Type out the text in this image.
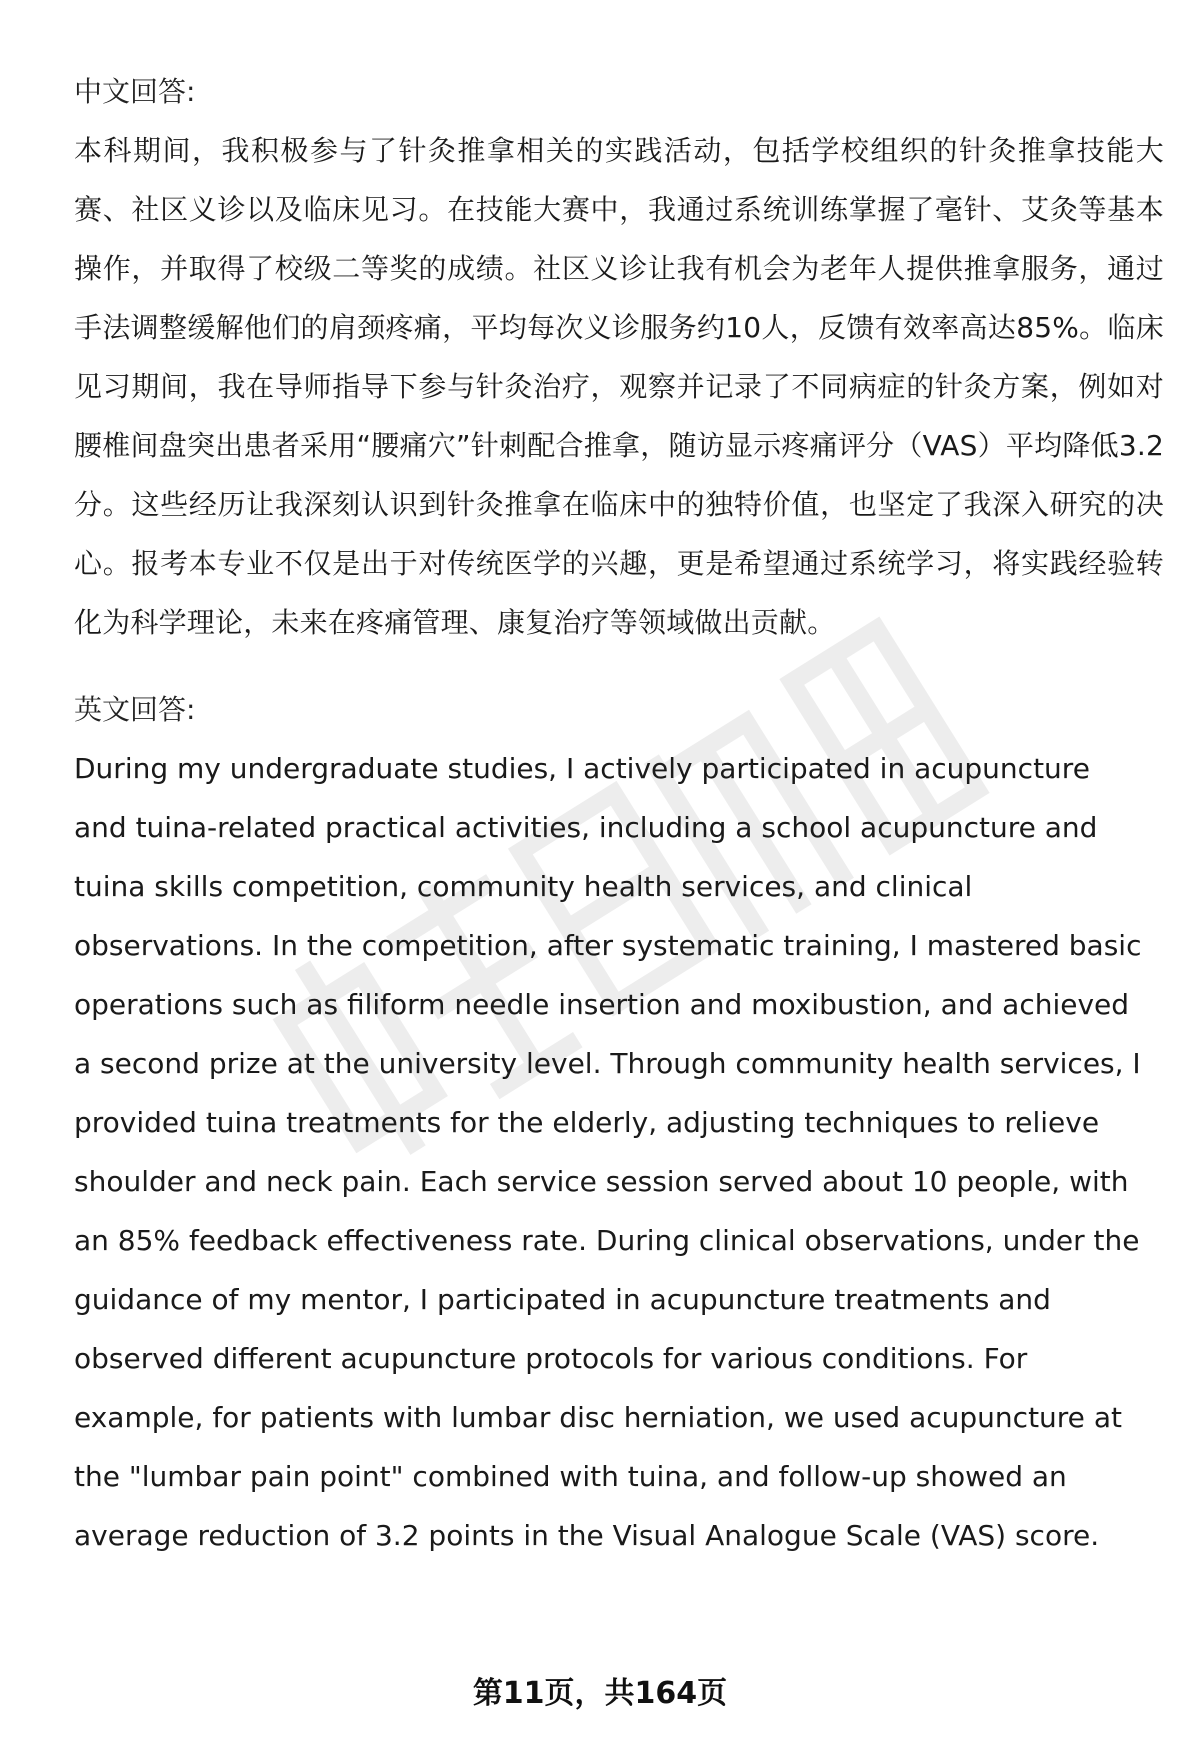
中文回答:

本科期间，我积极参与了针灸推拿相关的实践活动，包括学校组织的针灸推拿技能大赛、社区义诊以及临床见习。在技能大赛中，我通过系统训练掌握了毫针、艾灸等基本操作，并取得了校级二等奖的成绩。社区义诊让我有机会为老年人提供推拿服务，通过手法调整缓解他们的肩颈疼痛，平均每次义诊服务约10人，反馈有效率高达85%。临床见习期间，我在导师指导下参与针灸治疗，观察并记录了不同病症的针灸方案，例如对腰椎间盘突出患者采用“腰痛穴”针刺配合推拿，随访显示疼痛评分（VAS）平均降低3.2分。这些经历让我深刻认识到针灸推拿在临床中的独特价值，也坚定了我深入研究的决心。报考本专业不仅是出于对传统医学的兴趣，更是希望通过系统学习，将实践经验转化为科学理论，未来在疼痛管理、康复治疗等领域做出贡献。

英文回答:

During my undergraduate studies, I actively participated in acupuncture
and tuina-related practical activities, including a school acupuncture and
tuina skills competition, community health services, and clinical
observations. In the competition, after systematic training, I mastered basic
operations such as filiform needle insertion and moxibustion, and achieved
a second prize at the university level. Through community health services, I
provided tuina treatments for the elderly, adjusting techniques to relieve
shoulder and neck pain. Each service session served about 10 people, with
an 85% feedback effectiveness rate. During clinical observations, under the
guidance of my mentor, I participated in acupuncture treatments and
observed different acupuncture protocols for various conditions. For
example, for patients with lumbar disc herniation, we used acupuncture at
the "lumbar pain point" combined with tuina, and follow-up showed an
average reduction of 3.2 points in the Visual Analogue Scale (VAS) score.

第11页，共164页
